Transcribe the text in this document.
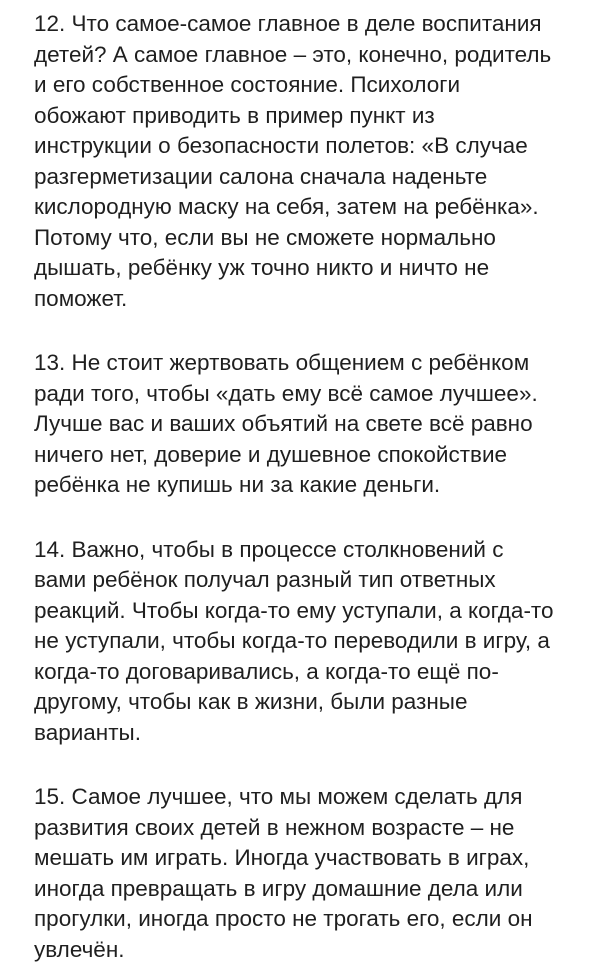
12. Что самое-самое главное в деле воспитания
детей? А самое главное – это, конечно, родитель
и его собственное состояние. Психологи
обожают приводить в пример пункт из
инструкции о безопасности полетов: «В случае
разгерметизации салона сначала наденьте
кислородную маску на себя, затем на ребёнка».
Потому что, если вы не сможете нормально
дышать, ребёнку уж точно никто и ничто не
поможет.

13. Не стоит жертвовать общением с ребёнком
ради того, чтобы «дать ему всё самое лучшее».
Лучше вас и ваших объятий на свете всё равно
ничего нет, доверие и душевное спокойствие
ребёнка не купишь ни за какие деньги.

14. Важно, чтобы в процессе столкновений с
вами ребёнок получал разный тип ответных
реакций. Чтобы когда-то ему уступали, а когда-то
не уступали, чтобы когда-то переводили в игру, а
когда-то договаривались, а когда-то ещё по-
другому, чтобы как в жизни, были разные
варианты.

15. Самое лучшее, что мы можем сделать для
развития своих детей в нежном возрасте – не
мешать им играть. Иногда участвовать в играх,
иногда превращать в игру домашние дела или
прогулки, иногда просто не трогать его, если он
увлечён.
